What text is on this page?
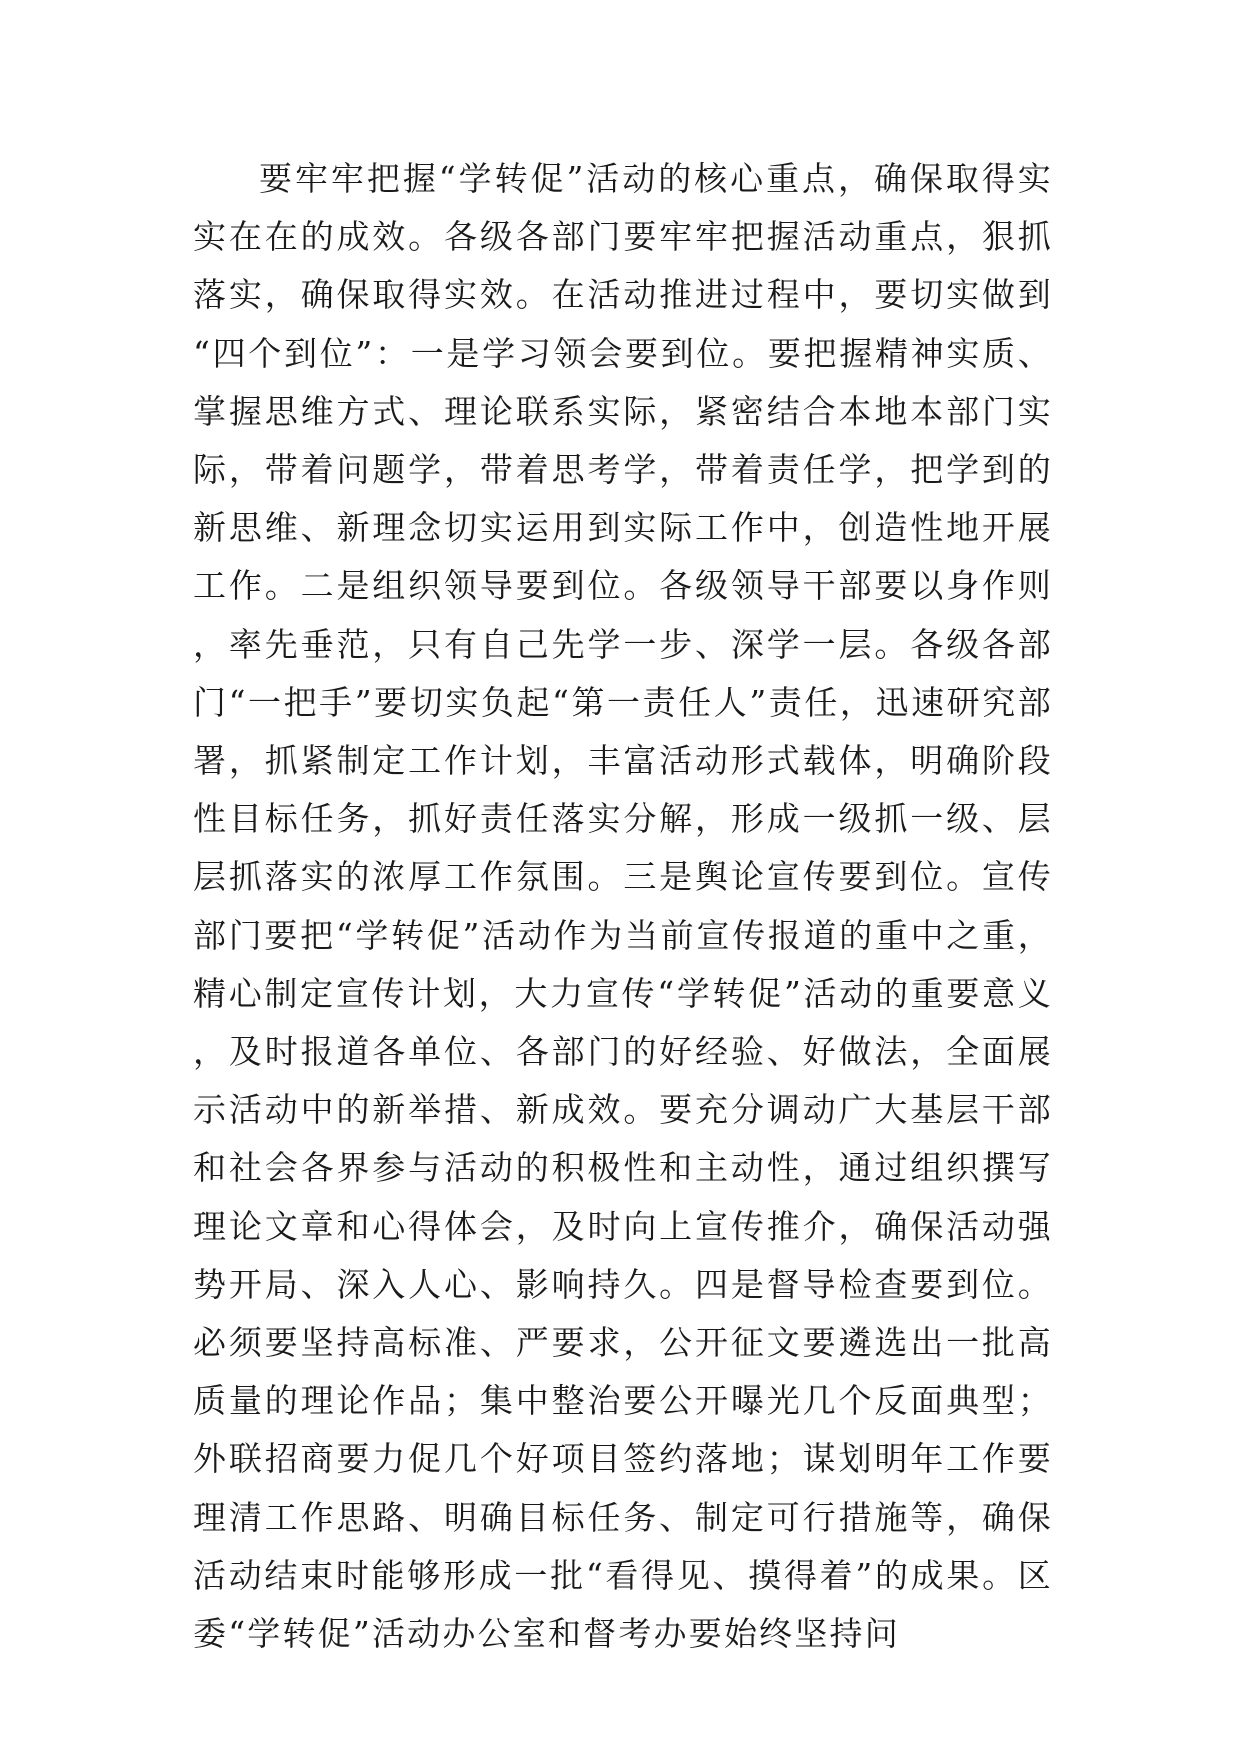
要牢牢把握“学转促”活动的核心重点，确保取得实实在在的成效。各级各部门要牢牢把握活动重点，狠抓落实，确保取得实效。在活动推进过程中，要切实做到“四个到位”：一是学习领会要到位。要把握精神实质、掌握思维方式、理论联系实际，紧密结合本地本部门实际，带着问题学，带着思考学，带着责任学，把学到的新思维、新理念切实运用到实际工作中，创造性地开展工作。二是组织领导要到位。各级领导干部要以身作则，率先垂范，只有自己先学一步、深学一层。各级各部门“一把手”要切实负起“第一责任人”责任，迅速研究部署，抓紧制定工作计划，丰富活动形式载体，明确阶段性目标任务，抓好责任落实分解，形成一级抓一级、层层抓落实的浓厚工作氛围。三是舆论宣传要到位。宣传部门要把“学转促”活动作为当前宣传报道的重中之重，精心制定宣传计划，大力宣传“学转促”活动的重要意义，及时报道各单位、各部门的好经验、好做法，全面展示活动中的新举措、新成效。要充分调动广大基层干部和社会各界参与活动的积极性和主动性，通过组织撰写理论文章和心得体会，及时向上宣传推介，确保活动强势开局、深入人心、影响持久。四是督导检查要到位。必须要坚持高标准、严要求，公开征文要遴选出一批高质量的理论作品；集中整治要公开曝光几个反面典型；外联招商要力促几个好项目签约落地；谋划明年工作要理清工作思路、明确目标任务、制定可行措施等，确保活动结束时能够形成一批“看得见、摸得着”的成果。区委“学转促”活动办公室和督考办要始终坚持问
